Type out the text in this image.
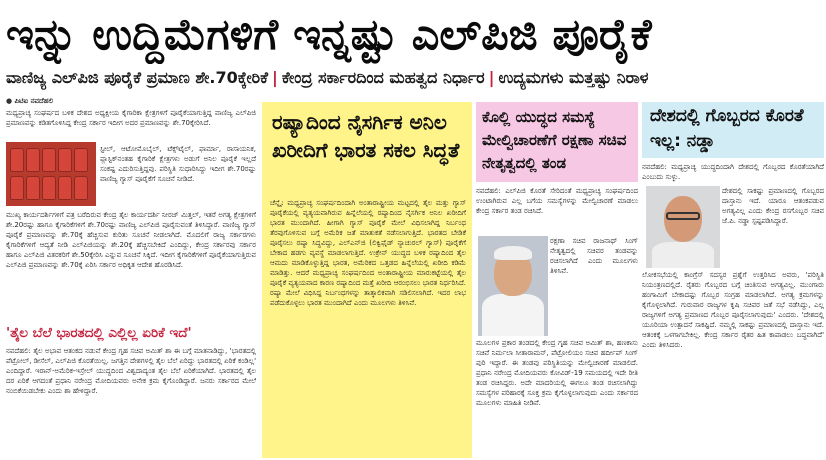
ಇನ್ನು ಉದ್ದಿಮೆಗಳಿಗೆ ಇನ್ನಷ್ಟು ಎಲ್‌ಪಿಜಿ ಪೂರೈಕೆ
ವಾಣಿಜ್ಯ ಎಲ್‌ಪಿಜಿ ಪೂರೈಕೆ ಪ್ರಮಾಣ ಶೇ.70ಕ್ಕೇರಿಕೆ | ಕೇಂದ್ರ ಸರ್ಕಾರದಿಂದ ಮಹತ್ವದ ನಿರ್ಧಾರ | ಉದ್ಯಮಗಳು ಮತ್ತಷ್ಟು ನಿರಾಳ
● ಪಿಟಿಐ ನವದೆಹಲಿ

ಮಧ್ಯಪ್ರಾಚ್ಯ ಸಂಘರ್ಷದ ಬಳಿಕ ದೇಶದ ಅಧ್ಯಕ್ಷೀಯ ಕೈಗಾರಿಕಾ ಕ್ಷೇತ್ರಗಳಿಗೆ ಪೂರೈಕೆಯಾಗುತ್ತಿದ್ದ ವಾಣಿಜ್ಯ ಎಲ್‌ಪಿಜಿ ಪ್ರಮಾಣವನ್ನು ಕಡಿತಗೊಳಿಸಿದ್ದ ಕೇಂದ್ರ ಸರ್ಕಾರ ಇದೀಗ ಅದರ ಪ್ರಮಾಣವನ್ನು ಶೇ.70ಕ್ಕೇರಿಸಿದೆ.

ಸ್ಟೀಲ್, ಆಟೋಮೊಬೈಲ್, ಟೆಕ್ಸ್‌ಟೈಲ್, ಫಾರ್ಮಾ, ರಾಸಾಯನಿಕ, ಪ್ಲಾಸ್ಟಿಕ್‌ನಂತಹ ಕೈಗಾರಿಕೆ ಕ್ಷೇತ್ರಗಳು ಅಡುಗೆ ಅನಿಲ ಪೂರೈಕೆ ಇಲ್ಲದೆ ಸಂಕಷ್ಟ ಎದುರಿಸುತ್ತಿದ್ದವು. ಪರಿಸ್ಥಿತಿ ಸುಧಾರಿಸಿದ್ದು ಇದೀಗ ಶೇ.70ರಷ್ಟು ವಾಣಿಜ್ಯ ಗ್ಯಾಸ್ ಪೂರೈಕೆಗೆ ಸೂಚನೆ ನೀಡಿದೆ.

ಮುಖ್ಯ ಕಾರ್ಯದರ್ಶಿಗಳಿಗೆ ಪತ್ರ ಬರೆದಿರುವ ಕೇಂದ್ರ ತೈಲ ಕಾರ್ಯದರ್ಶಿ ನೀರಜ್ ಮಿತ್ತಲ್, ಇತರೆ ಅಗತ್ಯ ಕ್ಷೇತ್ರಗಳಿಗೆ ಶೇ.20ರಷ್ಟು ಹಾಗೂ ಕೈಗಾರಿಕೆಗಳಿಗೆ ಶೇ.70ರಷ್ಟು ವಾಣಿಜ್ಯ ಎಲ್‌ಪಿಜಿ ಪೂರೈಸುವಂತೆ ತಿಳಿಸಿದ್ದಾರೆ. ವಾಣಿಜ್ಯ ಗ್ಯಾಸ್ ಪೂರೈಕೆ ಪ್ರಮಾಣವನ್ನು ಶೇ.70ಕ್ಕೆ ಹೆಚ್ಚಿಸುವ ಕುರಿತು ಸೂಚನೆ ನೀಡಲಾಗಿದೆ. ಮೊದಲಿಗೆ ರಾಜ್ಯ ಸರ್ಕಾರಗಳು ಕೈಗಾರಿಕೆಗಳಿಗೆ ಆದ್ಯತೆ ನೀಡಿ ಎಲ್‌ಪಿಜಿಯನ್ನು ಶೇ.20ಕ್ಕೆ ಹೆಚ್ಚಿಸಬೇಕಿದೆ ಎಂದಿದ್ದು, ಕೇಂದ್ರ ಸರ್ಕಾರವು ಸರ್ಕಾರ ಹಾಗೂ ಎಲ್‌ಪಿಜಿ ವಿತರಕರಿಗೆ ಶೇ.50ಕ್ಕೇರಿಸಿ ಎನ್ನುವ ಸೂಚನೆ ಸಿಕ್ಕಿದೆ. ಇದೀಗ ಕೈಗಾರಿಕೆಗಳಿಗೆ ಪೂರೈಕೆಯಾಗುತ್ತಿರುವ ಎಲ್‌ಪಿಜಿ ಪ್ರಮಾಣವನ್ನು ಶೇ.70ಕ್ಕೆ ಏರಿಸಿ ಸರ್ಕಾರ ಅಧಿಕೃತ ಆದೇಶ ಹೊರಡಿಸಿದೆ.

'ತೈಲ ಬೆಲೆ ಭಾರತದಲ್ಲಿ ಎಲ್ಲಿಲ್ಲ ಏರಿಕೆ ಇದೆ'

ನವದೆಹಲಿ: ತೈಲ ಅಭಾವ ಆತಂಕದ ನಡುವೆ ಕೇಂದ್ರ ಗೃಹ ಸಚಿವ ಅಮಿತ್ ಶಾ ಈ ಬಗ್ಗೆ ಮಾತನಾಡಿದ್ದು, 'ಭಾರತದಲ್ಲಿ ಪೆಟ್ರೋಲ್, ಡೀಸೆಲ್, ಎಲ್‌ಪಿಜಿ ಕೊರತೆಯಿಲ್ಲ. ಜಗತ್ತಿನ ದೇಶಗಳಲ್ಲಿ ತೈಲ ಬೆಲೆ ಏರಿದ್ದು ಭಾರತದಲ್ಲಿ ಏರಿಕೆ ಕಂಡಿಲ್ಲ' ಎಂದಿದ್ದಾರೆ. ಇರಾನ್-ಅಮೆರಿಕ-ಇಸ್ರೇಲ್ ಯುದ್ಧದಿಂದ ವಿಶ್ವದಾದ್ಯಂತ ತೈಲ ಬೆಲೆ ಏರಿಕೆಯಾಗಿದೆ. ಭಾರತದಲ್ಲಿ ತೈಲ ದರ ಏರಿಕೆ ಆಗದಂತೆ ಪ್ರಧಾನಿ ನರೇಂದ್ರ ಮೋದಿಯವರು ಅನೇಕ ಕ್ರಮ ಕೈಗೊಂಡಿದ್ದಾರೆ. ಜನರು ಸರ್ಕಾರದ ಮೇಲೆ ನಂಬಿಕೆಯಿಡಬೇಕು ಎಂದು ಶಾ ಹೇಳಿದ್ದಾರೆ.

ರಷ್ಯಾದಿಂದ ನೈಸರ್ಗಿಕ ಅನಿಲ ಖರೀದಿಗೆ ಭಾರತ ಸಕಲ ಸಿದ್ಧತೆ

ಚೆನ್ನೈ: ಮಧ್ಯಪ್ರಾಚ್ಯ ಸಂಘರ್ಷದಿಂದಾಗಿ ಅಂತಾರಾಷ್ಟ್ರೀಯ ಮಟ್ಟದಲ್ಲಿ ತೈಲ ಮತ್ತು ಗ್ಯಾಸ್ ಪೂರೈಕೆಯಲ್ಲಿ ವ್ಯತ್ಯಯವಾಗಿರುವ ಹಿನ್ನೆಲೆಯಲ್ಲಿ ರಷ್ಯಾದಿಂದ ನೈಸರ್ಗಿಕ ಅನಿಲ ಖರೀದಿಗೆ ಭಾರತ ಮುಂದಾಗಿದೆ. ಹೀಗಾಗಿ ಗ್ಯಾಸ್ ಪೂರೈಕೆ ಮೇಲೆ ವಿಧಿಸಲಾಗಿದ್ದ ನಿರ್ಬಂಧ ತೆರವುಗೊಳಿಸುವ ಬಗ್ಗೆ ಅಮೆರಿಕ ಜತೆ ಮಾತುಕತೆ ನಡೆಸಲಾಗುತ್ತಿದೆ. ಭಾರತದ ಬೇಡಿಕೆ ಪೂರೈಸಲು ರಷ್ಯಾ ಸಿದ್ಧವಿದ್ದು, ಎಲ್‌ಎನ್‌ಜಿ (ಲಿಕ್ವಿಫೈಡ್ ನ್ಯಾಚುರಲ್ ಗ್ಯಾಸ್) ಪೂರೈಕೆಗೆ ಬೇಕಾದ ಹಡಗು ವ್ಯವಸ್ಥೆ ಮಾಡಲಾಗುತ್ತಿದೆ. ಉಕ್ರೇನ್ ಯುದ್ಧದ ಬಳಿಕ ರಷ್ಯಾದಿಂದ ತೈಲ ಆಮದು ಮಾಡಿಕೊಳ್ಳುತ್ತಿದ್ದ ಭಾರತ, ಅಮೆರಿಕದ ಒತ್ತಡದ ಹಿನ್ನೆಲೆಯಲ್ಲಿ ಖರೀದಿ ಕಡಿಮೆ ಮಾಡಿತ್ತು. ಆದರೆ ಮಧ್ಯಪ್ರಾಚ್ಯ ಸಂಘರ್ಷದಿಂದ ಅಂತಾರಾಷ್ಟ್ರೀಯ ಮಾರುಕಟ್ಟೆಯಲ್ಲಿ ತೈಲ ಪೂರೈಕೆ ವ್ಯತ್ಯಯವಾದ ಕಾರಣ ರಷ್ಯಾದಿಂದ ಮತ್ತೆ ಖರೀದಿ ಆರಂಭಿಸಲು ಭಾರತ ನಿರ್ಧರಿಸಿದೆ. ರಷ್ಯಾ ಮೇಲೆ ವಿಧಿಸಿದ್ದ ನಿರ್ಬಂಧಗಳನ್ನು ತಾತ್ಕಾಲಿಕವಾಗಿ ಸಡಿಲಿಸಲಾಗಿದೆ. ಇದರ ಲಾಭ ಪಡೆದುಕೊಳ್ಳಲು ಭಾರತ ಮುಂದಾಗಿದೆ ಎಂದು ಮೂಲಗಳು ತಿಳಿಸಿವೆ.

ಕೊಲ್ಲಿ ಯುದ್ಧದ ಸಮಸ್ಯೆ ಮೇಲ್ವಿಚಾರಣೆಗೆ ರಕ್ಷಣಾ ಸಚಿವ ನೇತೃತ್ವದಲ್ಲಿ ತಂಡ

ನವದೆಹಲಿ: ಎಲ್‌ಪಿಜಿ ಕೊರತೆ ಸೇರಿದಂತೆ ಮಧ್ಯಪ್ರಾಚ್ಯ ಸಂಘರ್ಷದಿಂದ ಉಂಟಾಗಿರುವ ಎಲ್ಲ ಬಗೆಯ ಸಮಸ್ಯೆಗಳನ್ನು ಮೇಲ್ವಿಚಾರಣೆ ಮಾಡಲು ಕೇಂದ್ರ ಸರ್ಕಾರ ತಂಡ ರಚಿಸಿದೆ.

ರಕ್ಷಣಾ ಸಚಿವ ರಾಜನಾಥ್ ಸಿಂಗ್ ನೇತೃತ್ವದಲ್ಲಿ ಸಚಿವರ ತಂಡವನ್ನು ರಚಿಸಲಾಗಿದೆ ಎಂದು ಮೂಲಗಳು ತಿಳಿಸಿವೆ.

ಮೂಲಗಳ ಪ್ರಕಾರ ತಂಡದಲ್ಲಿ ಕೇಂದ್ರ ಗೃಹ ಸಚಿವ ಅಮಿತ್ ಶಾ, ಹಣಕಾಸು ಸಚಿವೆ ನಿರ್ಮಲಾ ಸೀತಾರಾಮನ್, ಪೆಟ್ರೋಲಿಯಂ ಸಚಿವ ಹರ್ದೀಪ್ ಸಿಂಗ್ ಪುರಿ ಇದ್ದಾರೆ. ಈ ತಂಡವು ಪರಿಸ್ಥಿತಿಯನ್ನು ಮೇಲ್ವಿಚಾರಣೆ ಮಾಡಲಿದೆ. ಪ್ರಧಾನಿ ನರೇಂದ್ರ ಮೋದಿಯವರು ಕೋವಿಡ್-19 ಸಮಯದಲ್ಲಿ ಇದೇ ರೀತಿ ತಂಡ ರಚಿಸಿದ್ದರು. ಅದೇ ಮಾದರಿಯಲ್ಲಿ ಈಗಲೂ ತಂಡ ರಚಿಸಲಾಗಿದ್ದು ಸಮಸ್ಯೆಗಳ ಪರಿಹಾರಕ್ಕೆ ಸೂಕ್ತ ಕ್ರಮ ಕೈಗೊಳ್ಳಲಾಗುವುದು ಎಂದು ಸರ್ಕಾರದ ಮೂಲಗಳು ಮಾಹಿತಿ ನೀಡಿವೆ.

ದೇಶದಲ್ಲಿ ಗೊಬ್ಬರದ ಕೊರತೆ ಇಲ್ಲ: ನಡ್ಡಾ

ನವದೆಹಲಿ: ಮಧ್ಯಪ್ರಾಚ್ಯ ಯುದ್ಧದಿಂದಾಗಿ ದೇಶದಲ್ಲಿ ಗೊಬ್ಬರದ ಕೊರತೆಯಾಗಿದೆ ಎಂಬುದು ಸುಳ್ಳು.

ದೇಶದಲ್ಲಿ ಸಾಕಷ್ಟು ಪ್ರಮಾಣದಲ್ಲಿ ಗೊಬ್ಬರದ ದಾಸ್ತಾನು ಇದೆ. ಯಾರೂ ಆತಂಕಪಡುವ ಅಗತ್ಯವಿಲ್ಲ ಎಂದು ಕೇಂದ್ರ ರಸಗೊಬ್ಬರ ಸಚಿವ ಜೆ.ಪಿ. ನಡ್ಡಾ ಸ್ಪಷ್ಟಪಡಿಸಿದ್ದಾರೆ.

ಲೋಕಸಭೆಯಲ್ಲಿ ಕಾಂಗ್ರೆಸ್ ಸದಸ್ಯರ ಪ್ರಶ್ನೆಗೆ ಉತ್ತರಿಸಿದ ಅವರು, 'ಪರಿಸ್ಥಿತಿ ನಿಯಂತ್ರಣದಲ್ಲಿದೆ. ರೈತರು ಗೊಬ್ಬರದ ಬಗ್ಗೆ ಚಿಂತಿಸುವ ಅಗತ್ಯವಿಲ್ಲ. ಮುಂಗಾರು ಹಂಗಾಮಿಗೆ ಬೇಕಾದಷ್ಟು ಗೊಬ್ಬರ ಸಂಗ್ರಹ ಮಾಡಲಾಗಿದೆ. ಅಗತ್ಯ ಕ್ರಮಗಳನ್ನು ಕೈಗೊಳ್ಳಲಾಗಿದೆ. ಗುರುವಾರ ರಾಜ್ಯಗಳ ಕೃಷಿ ಸಚಿವರ ಜತೆ ಸಭೆ ನಡೆಸಿದ್ದು, ಎಲ್ಲ ರಾಜ್ಯಗಳಿಗೆ ಅಗತ್ಯ ಪ್ರಮಾಣದ ಗೊಬ್ಬರ ಪೂರೈಸಲಾಗುವುದು' ಎಂದರು. 'ದೇಶದಲ್ಲಿ ಯೂರಿಯಾ ಉತ್ಪಾದನೆ ಸಾಕಷ್ಟಿದೆ. ನಮ್ಮಲ್ಲಿ ಸಾಕಷ್ಟು ಪ್ರಮಾಣದಲ್ಲಿ ದಾಸ್ತಾನು ಇದೆ. ಆತಂಕಕ್ಕೆ ಒಳಗಾಗಬೇಕಿಲ್ಲ. ಕೇಂದ್ರ ಸರ್ಕಾರ ರೈತರ ಹಿತ ಕಾಪಾಡಲು ಬದ್ಧವಾಗಿದೆ' ಎಂದು ತಿಳಿಸಿದರು.
